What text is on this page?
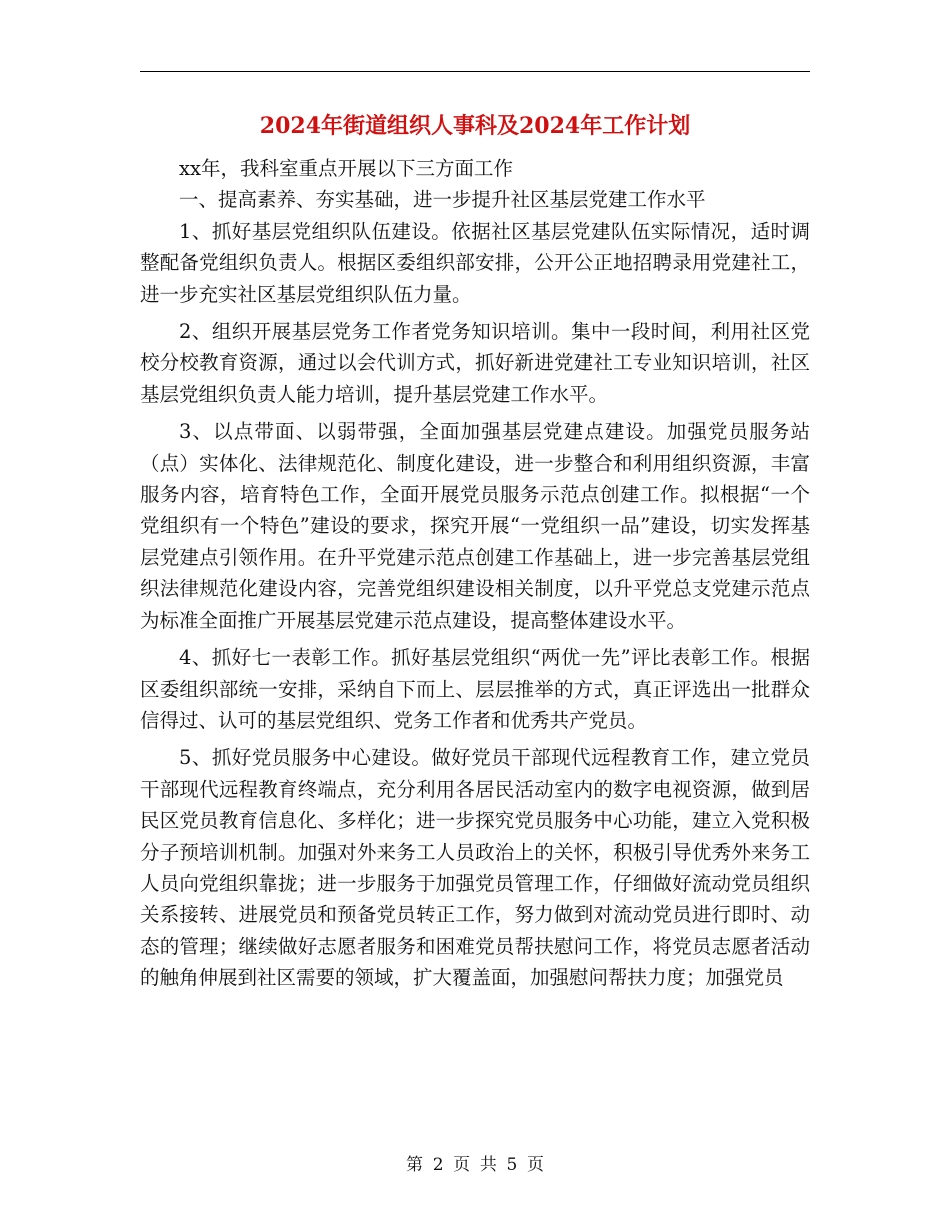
2024年街道组织人事科及2024年工作计划

xx年，我科室重点开展以下三方面工作

一、提高素养、夯实基础，进一步提升社区基层党建工作水平

1、抓好基层党组织队伍建设。依据社区基层党建队伍实际情况，适时调整配备党组织负责人。根据区委组织部安排，公开公正地招聘录用党建社工，进一步充实社区基层党组织队伍力量。

2、组织开展基层党务工作者党务知识培训。集中一段时间，利用社区党校分校教育资源，通过以会代训方式，抓好新进党建社工专业知识培训，社区基层党组织负责人能力培训，提升基层党建工作水平。

3、以点带面、以弱带强，全面加强基层党建点建设。加强党员服务站（点）实体化、法律规范化、制度化建设，进一步整合和利用组织资源，丰富服务内容，培育特色工作，全面开展党员服务示范点创建工作。拟根据“一个党组织有一个特色”建设的要求，探究开展“一党组织一品”建设，切实发挥基层党建点引领作用。在升平党建示范点创建工作基础上，进一步完善基层党组织法律规范化建设内容，完善党组织建设相关制度，以升平党总支党建示范点为标准全面推广开展基层党建示范点建设，提高整体建设水平。

4、抓好七一表彰工作。抓好基层党组织“两优一先”评比表彰工作。根据区委组织部统一安排，采纳自下而上、层层推举的方式，真正评选出一批群众信得过、认可的基层党组织、党务工作者和优秀共产党员。

5、抓好党员服务中心建设。做好党员干部现代远程教育工作，建立党员干部现代远程教育终端点，充分利用各居民活动室内的数字电视资源，做到居民区党员教育信息化、多样化；进一步探究党员服务中心功能，建立入党积极分子预培训机制。加强对外来务工人员政治上的关怀，积极引导优秀外来务工人员向党组织靠拢；进一步服务于加强党员管理工作，仔细做好流动党员组织关系接转、进展党员和预备党员转正工作，努力做到对流动党员进行即时、动态的管理；继续做好志愿者服务和困难党员帮扶慰问工作，将党员志愿者活动的触角伸展到社区需要的领域，扩大覆盖面，加强慰问帮扶力度；加强党员

第 2 页 共 5 页
